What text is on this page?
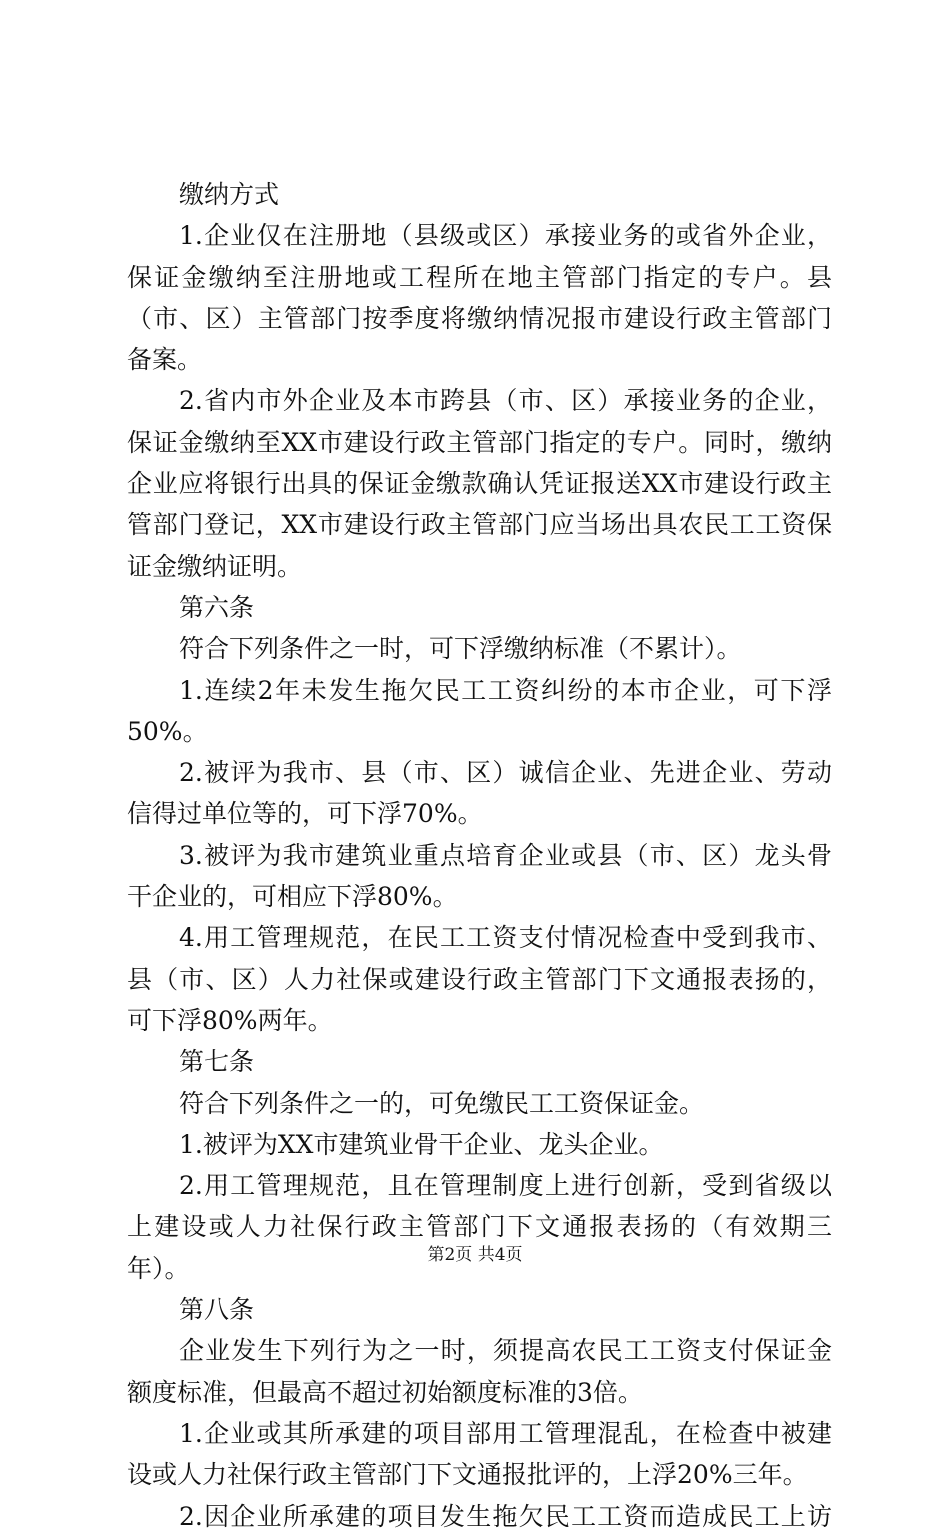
缴纳方式
1.企业仅在注册地（县级或区）承接业务的或省外企业，
保证金缴纳至注册地或工程所在地主管部门指定的专户。县
（市、区）主管部门按季度将缴纳情况报市建设行政主管部门
备案。
2.省内市外企业及本市跨县（市、区）承接业务的企业，
保证金缴纳至XX市建设行政主管部门指定的专户。同时，缴纳
企业应将银行出具的保证金缴款确认凭证报送XX市建设行政主
管部门登记，XX市建设行政主管部门应当场出具农民工工资保
证金缴纳证明。
第六条
符合下列条件之一时，可下浮缴纳标准（不累计）。
1.连续2年未发生拖欠民工工资纠纷的本市企业，可下浮
50%。
2.被评为我市、县（市、区）诚信企业、先进企业、劳动
信得过单位等的，可下浮70%。
3.被评为我市建筑业重点培育企业或县（市、区）龙头骨
干企业的，可相应下浮80%。
4.用工管理规范，在民工工资支付情况检查中受到我市、
县（市、区）人力社保或建设行政主管部门下文通报表扬的，
可下浮80%两年。
第七条
符合下列条件之一的，可免缴民工工资保证金。
1.被评为XX市建筑业骨干企业、龙头企业。
2.用工管理规范，且在管理制度上进行创新，受到省级以
上建设或人力社保行政主管部门下文通报表扬的（有效期三
年）。
第八条
企业发生下列行为之一时，须提高农民工工资支付保证金
额度标准，但最高不超过初始额度标准的3倍。
1.企业或其所承建的项目部用工管理混乱，在检查中被建
设或人力社保行政主管部门下文通报批评的，上浮20%三年。
2.因企业所承建的项目发生拖欠民工工资而造成民工上访
第2页 共4页
